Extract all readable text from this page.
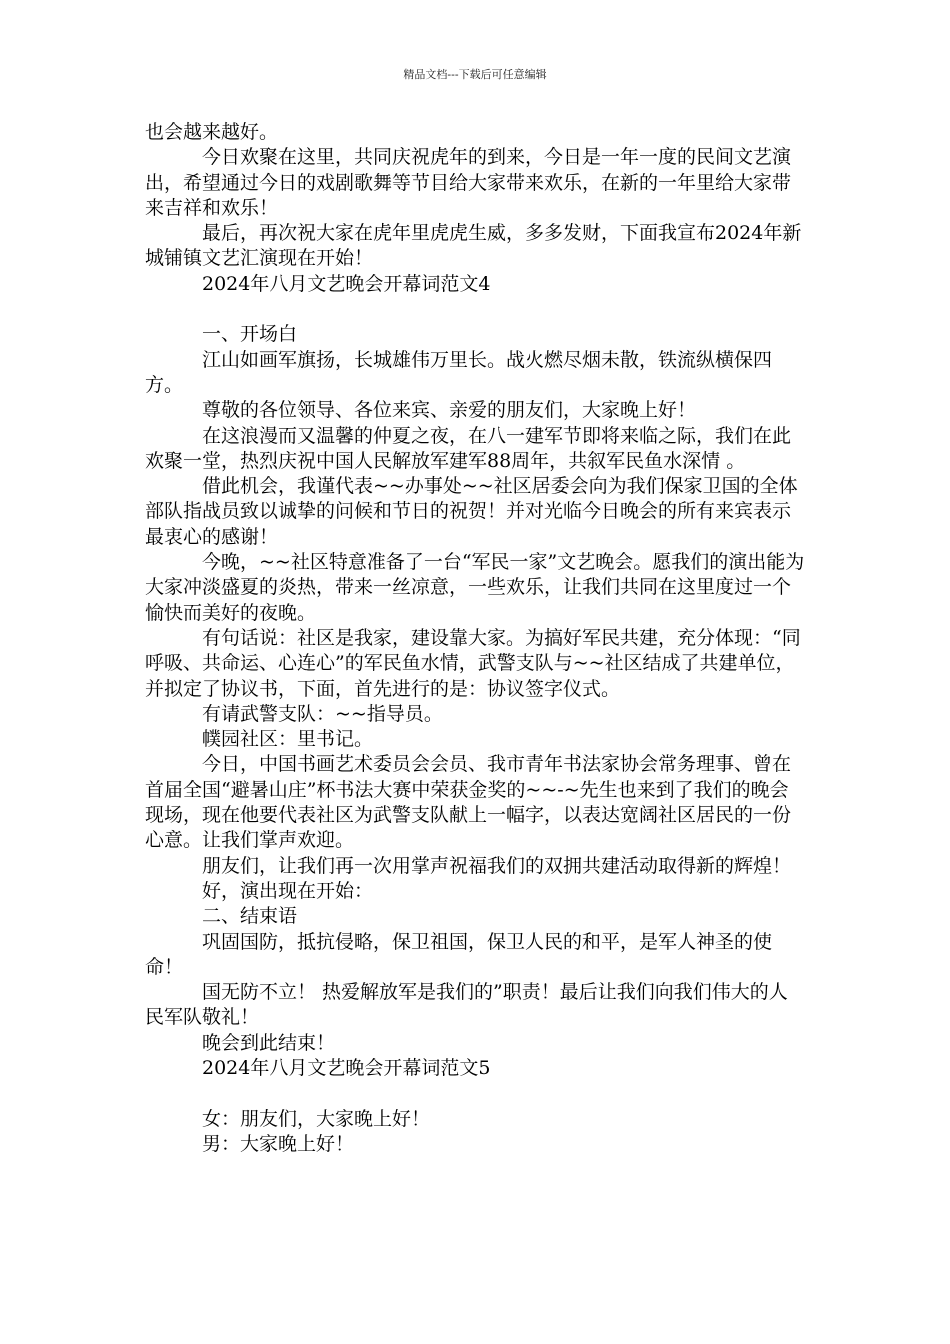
精品文档---下载后可任意编辑

也会越来越好。

今日欢聚在这里，共同庆祝虎年的到来，今日是一年一度的民间文艺演出，希望通过今日的戏剧歌舞等节目给大家带来欢乐，在新的一年里给大家带来吉祥和欢乐！

最后，再次祝大家在虎年里虎虎生威，多多发财，下面我宣布2024年新城铺镇文艺汇演现在开始！

2024年八月文艺晚会开幕词范文4

一、开场白

江山如画军旗扬，长城雄伟万里长。战火燃尽烟未散，铁流纵横保四方。

尊敬的各位领导、各位来宾、亲爱的朋友们，大家晚上好！

在这浪漫而又温馨的仲夏之夜，在八一建军节即将来临之际，我们在此欢聚一堂，热烈庆祝中国人民解放军建军88周年，共叙军民鱼水深情 。

借此机会，我谨代表~~办事处~~社区居委会向为我们保家卫国的全体部队指战员致以诚挚的问候和节日的祝贺！并对光临今日晚会的所有来宾表示最衷心的感谢！

今晚，~~社区特意准备了一台“军民一家”文艺晚会。愿我们的演出能为大家冲淡盛夏的炎热，带来一丝凉意，一些欢乐，让我们共同在这里度过一个愉快而美好的夜晚。

有句话说：社区是我家，建设靠大家。为搞好军民共建，充分体现：“同呼吸、共命运、心连心”的军民鱼水情，武警支队与~~社区结成了共建单位，并拟定了协议书，下面，首先进行的是：协议签字仪式。

有请武警支队：~~指导员。

幞园社区：里书记。

今日，中国书画艺术委员会会员、我市青年书法家协会常务理事、曾在首届全国“避暑山庄”杯书法大赛中荣获金奖的~~-~先生也来到了我们的晚会现场，现在他要代表社区为武警支队献上一幅字，以表达宽阔社区居民的一份心意。让我们掌声欢迎。

朋友们，让我们再一次用掌声祝福我们的双拥共建活动取得新的辉煌！

好，演出现在开始：

二、结束语

巩固国防，抵抗侵略，保卫祖国，保卫人民的和平，是军人神圣的使命！

国无防不立！ 热爱解放军是我们的”职责！最后让我们向我们伟大的人民军队敬礼！

晚会到此结束！

2024年八月文艺晚会开幕词范文5

女：朋友们，大家晚上好！

男：大家晚上好！
